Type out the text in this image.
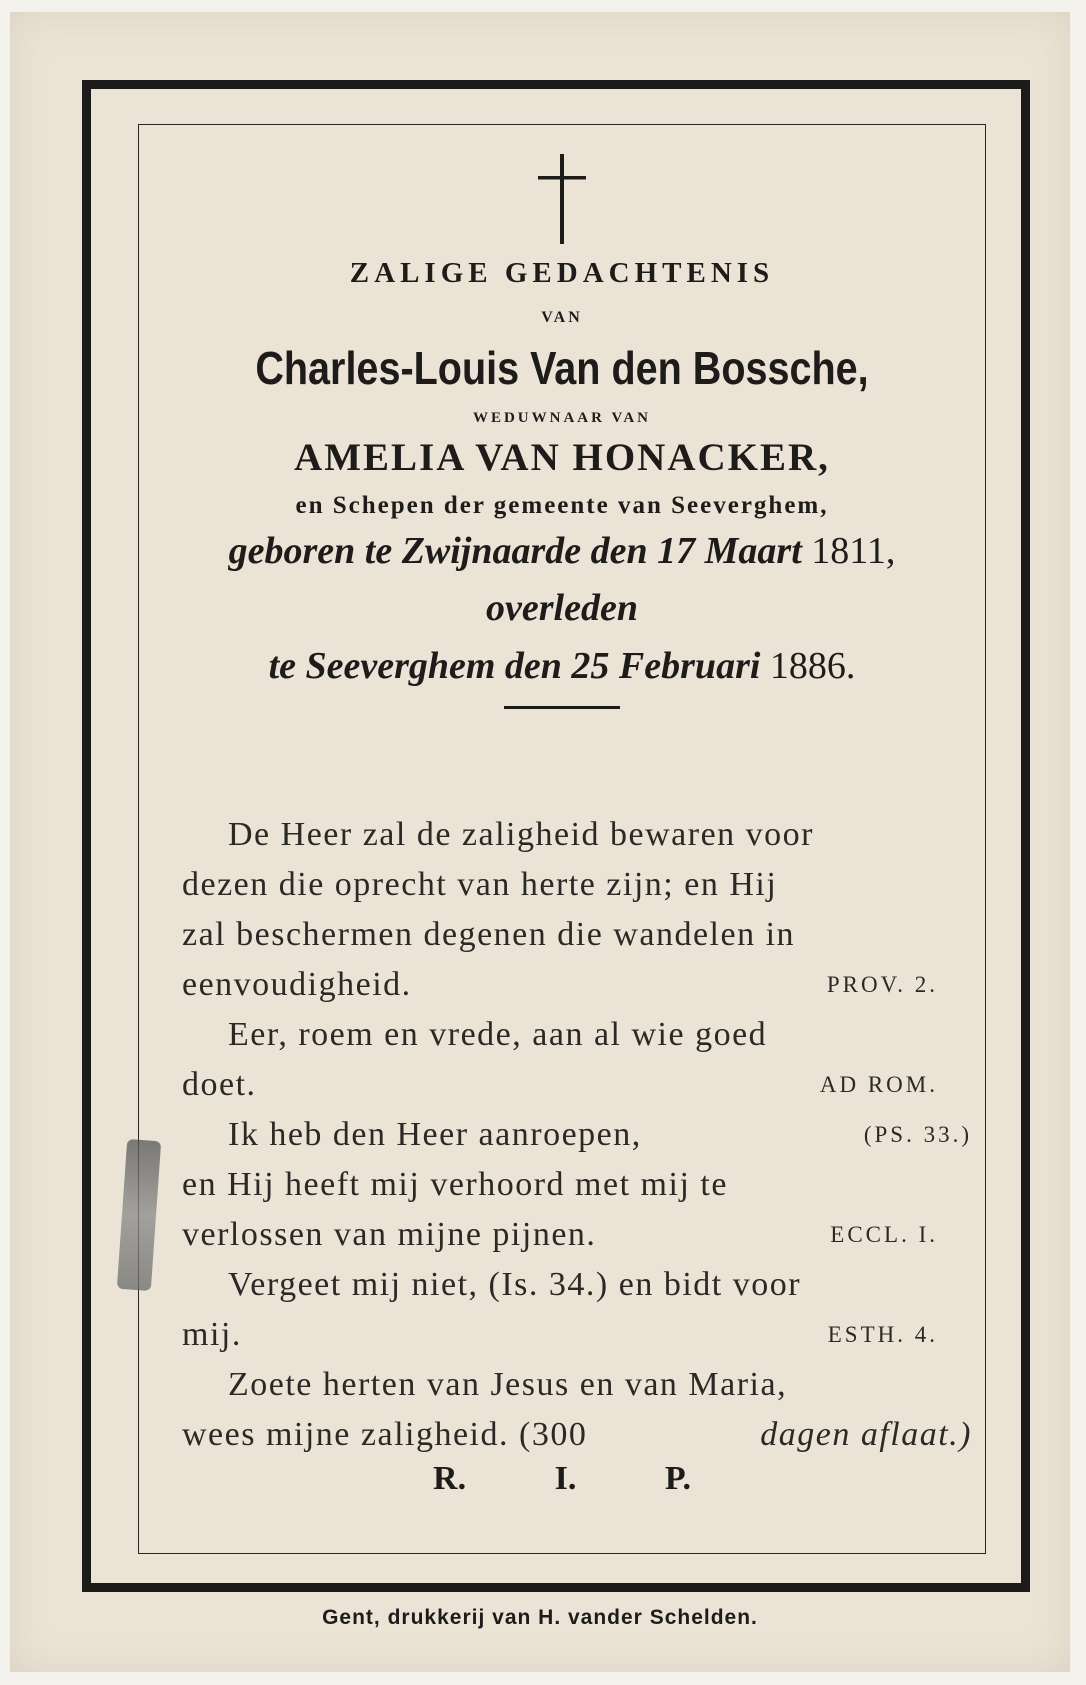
ZALIGE GEDACHTENIS
VAN
Charles-Louis Van den Bossche,
WEDUWNAAR VAN
AMELIA VAN HONACKER,
en Schepen der gemeente van Seeverghem,
geboren te Zwijnaarde den 17 Maart 1811,
overleden
te Seeverghem den 25 Februari 1886.
De Heer zal de zaligheid bewaren voor
dezen die oprecht van herte zijn; en Hij
zal beschermen degenen die wandelen in
eenvoudigheid.	PROV. 2.
Eer, roem en vrede, aan al wie goed
doet.	AD ROM.
Ik heb den Heer aanroepen,	(PS. 33.)
en Hij heeft mij verhoord met mij te
verlossen van mijne pijnen.	ECCL. I.
Vergeet mij niet, (Is. 34.) en bidt voor
mij.	ESTH. 4.
Zoete herten van Jesus en van Maria,
wees mijne zaligheid. (300	dagen aflaat.)
R. I. P.
Gent, drukkerij van H. vander Schelden.
